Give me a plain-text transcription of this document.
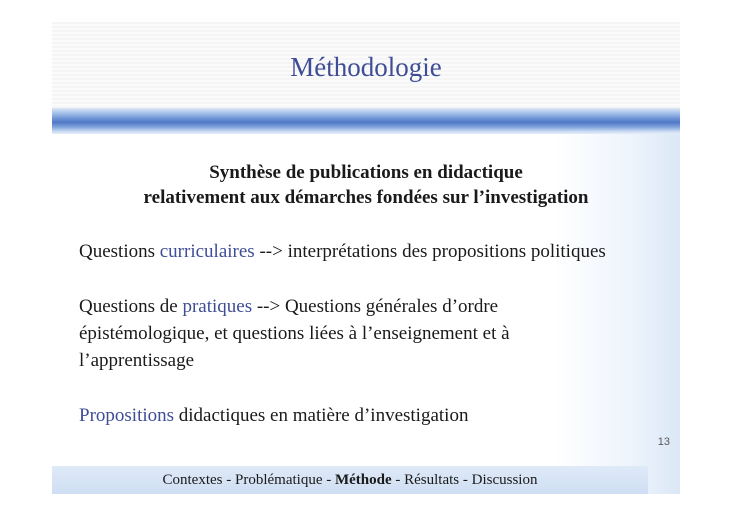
Méthodologie
Synthèse de publications en didactique
relativement aux démarches fondées sur l’investigation
Questions curriculaires --> interprétations des propositions politiques
Questions de pratiques --> Questions générales d’ordre
épistémologique, et questions liées à l’enseignement et à
l’apprentissage
Propositions didactiques en matière d’investigation
13
Contextes - Problématique - Méthode - Résultats - Discussion
